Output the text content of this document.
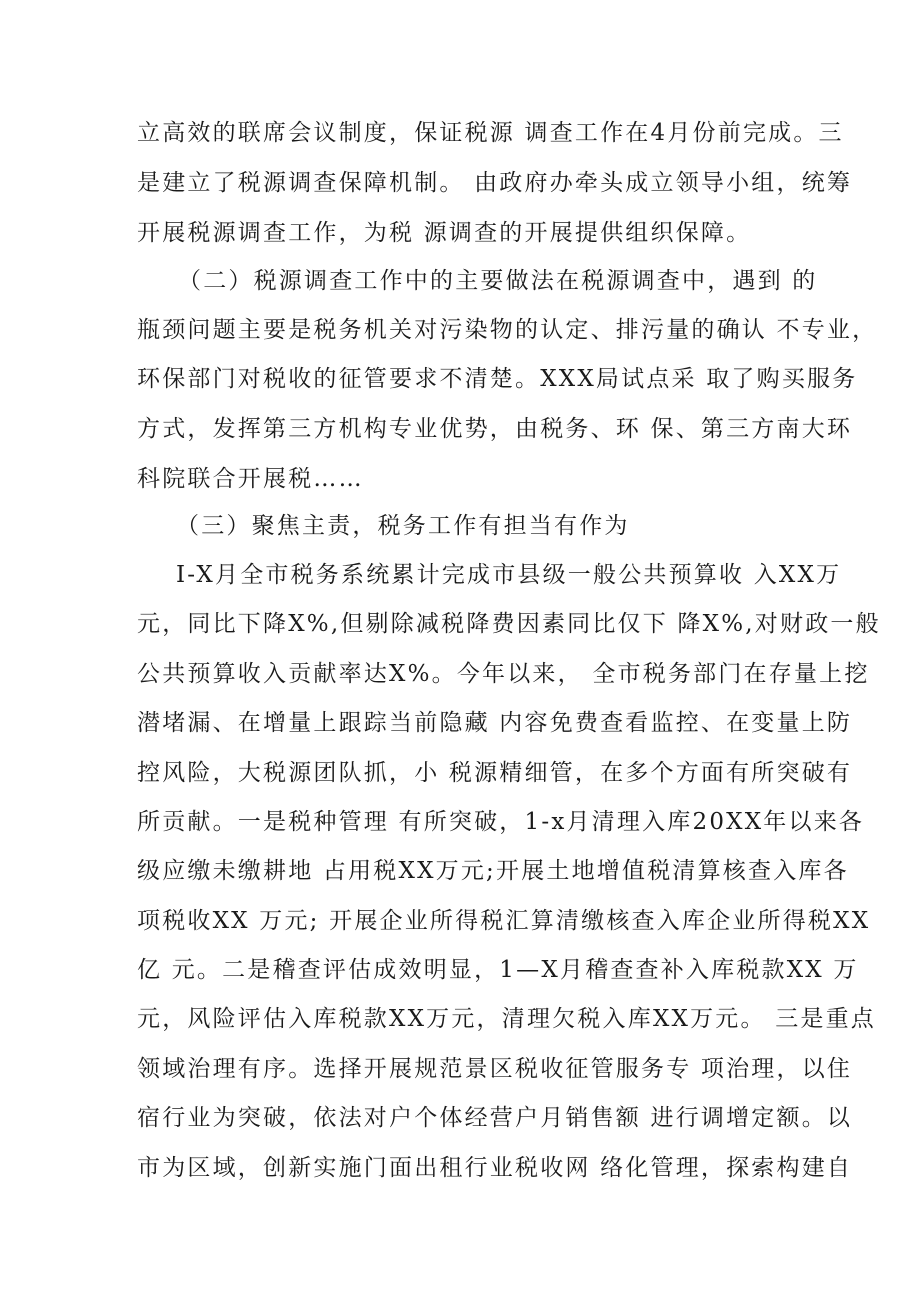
立高效的联席会议制度，保证税源 调查工作在4月份前完成。三
是建立了税源调查保障机制。 由政府办牵头成立领导小组，统筹
开展税源调查工作，为税 源调查的开展提供组织保障。
（二）税源调查工作中的主要做法在税源调查中，遇到 的
瓶颈问题主要是税务机关对污染物的认定、排污量的确认 不专业，
环保部门对税收的征管要求不清楚。XXX局试点采 取了购买服务
方式，发挥第三方机构专业优势，由税务、环 保、第三方南大环
科院联合开展税……
（三）聚焦主责，税务工作有担当有作为
I-X月全市税务系统累计完成市县级一般公共预算收 入XX万
元，同比下降X%,但剔除减税降费因素同比仅下 降X%,对财政一般
公共预算收入贡献率达X%。今年以来， 全市税务部门在存量上挖
潜堵漏、在增量上跟踪当前隐藏 内容免费查看监控、在变量上防
控风险，大税源团队抓，小 税源精细管，在多个方面有所突破有
所贡献。一是税种管理 有所突破，1-x月清理入库20XX年以来各
级应缴未缴耕地 占用税XX万元;开展土地增值税清算核查入库各
项税收XX 万元; 开展企业所得税汇算清缴核查入库企业所得税XX
亿 元。二是稽查评估成效明显，1—X月稽查查补入库税款XX 万
元，风险评估入库税款XX万元，清理欠税入库XX万元。 三是重点
领域治理有序。选择开展规范景区税收征管服务专 项治理，以住
宿行业为突破，依法对户个体经营户月销售额 进行调增定额。以
市为区域，创新实施门面出租行业税收网 络化管理，探索构建自
